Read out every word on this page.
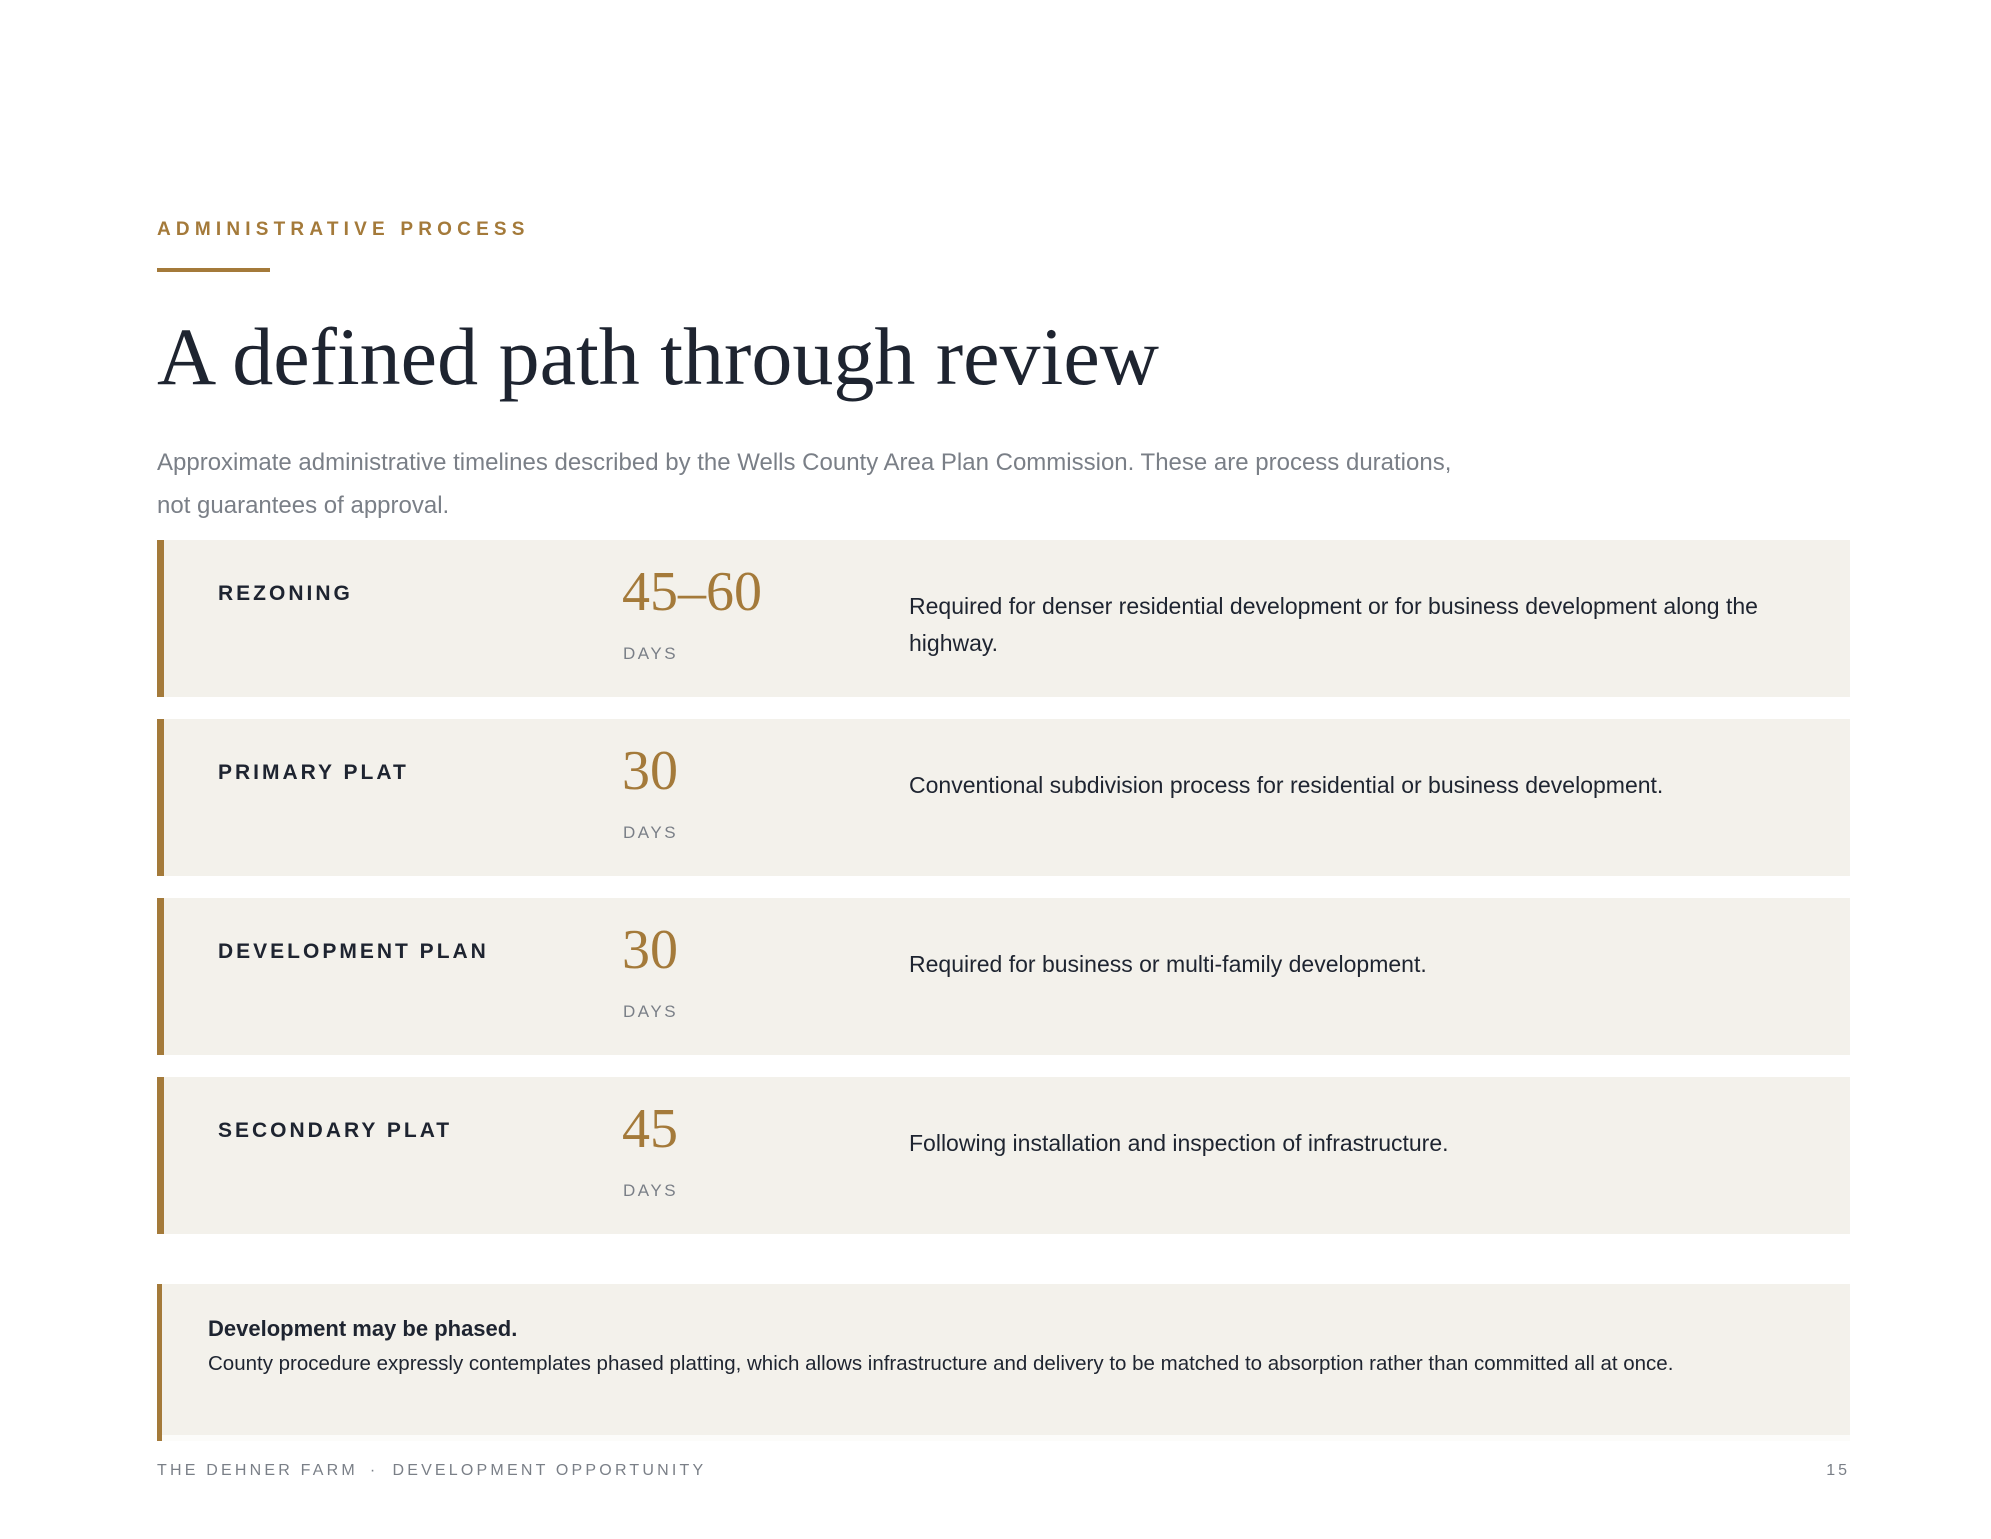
ADMINISTRATIVE PROCESS
A defined path through review

Approximate administrative timelines described by the Wells County Area Plan Commission. These are process durations, not guarantees of approval.

REZONING	45–60
DAYS
Required for denser residential development or for business development along the highway.
PRIMARY PLAT	30
DAYS
Conventional subdivision process for residential or business development.
DEVELOPMENT PLAN 30
DAYS
Required for business or multi-family development.
SECONDARY PLAT	45
DAYS
Following installation and inspection of infrastructure.
Development may be phased.
County procedure expressly contemplates phased platting, which allows infrastructure and delivery to be matched to absorption rather than committed all at once.
THE DEHNER FARM · DEVELOPMENT OPPORTUNITY	15
